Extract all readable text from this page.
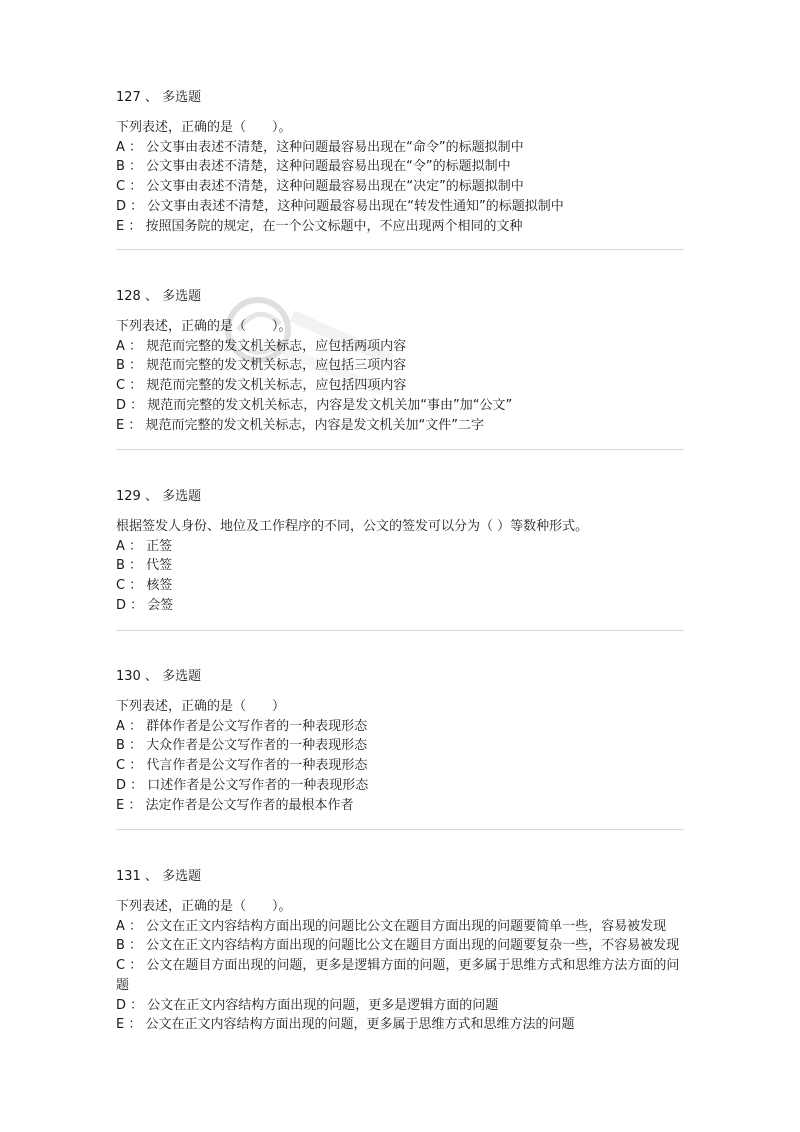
127 、 多选题
下列表述，正确的是（　　）。
A ： 公文事由表述不清楚，这种问题最容易出现在“命令”的标题拟制中
B ： 公文事由表述不清楚，这种问题最容易出现在“令”的标题拟制中
C ： 公文事由表述不清楚，这种问题最容易出现在“决定”的标题拟制中
D ： 公文事由表述不清楚，这种问题最容易出现在“转发性通知”的标题拟制中
E ： 按照国务院的规定，在一个公文标题中，不应出现两个相同的文种
128 、 多选题
下列表述，正确的是（　　）。
A ： 规范而完整的发文机关标志，应包括两项内容
B ： 规范而完整的发文机关标志，应包括三项内容
C ： 规范而完整的发文机关标志，应包括四项内容
D ： 规范而完整的发文机关标志，内容是发文机关加“事由”加“公文”
E ： 规范而完整的发文机关标志，内容是发文机关加“文件”二字
129 、 多选题
根据签发人身份、地位及工作程序的不同，公文的签发可以分为（ ）等数种形式。
A ： 正签
B ： 代签
C ： 核签
D ： 会签
130 、 多选题
下列表述，正确的是（　　）
A ： 群体作者是公文写作者的一种表现形态
B ： 大众作者是公文写作者的一种表现形态
C ： 代言作者是公文写作者的一种表现形态
D ： 口述作者是公文写作者的一种表现形态
E ： 法定作者是公文写作者的最根本作者
131 、 多选题
下列表述，正确的是（　　）。
A ： 公文在正文内容结构方面出现的问题比公文在题目方面出现的问题要简单一些，容易被发现
B ： 公文在正文内容结构方面出现的问题比公文在题目方面出现的问题要复杂一些，不容易被发现
C ： 公文在题目方面出现的问题，更多是逻辑方面的问题，更多属于思维方式和思维方法方面的问题
D ： 公文在正文内容结构方面出现的问题，更多是逻辑方面的问题
E ： 公文在正文内容结构方面出现的问题，更多属于思维方式和思维方法的问题
